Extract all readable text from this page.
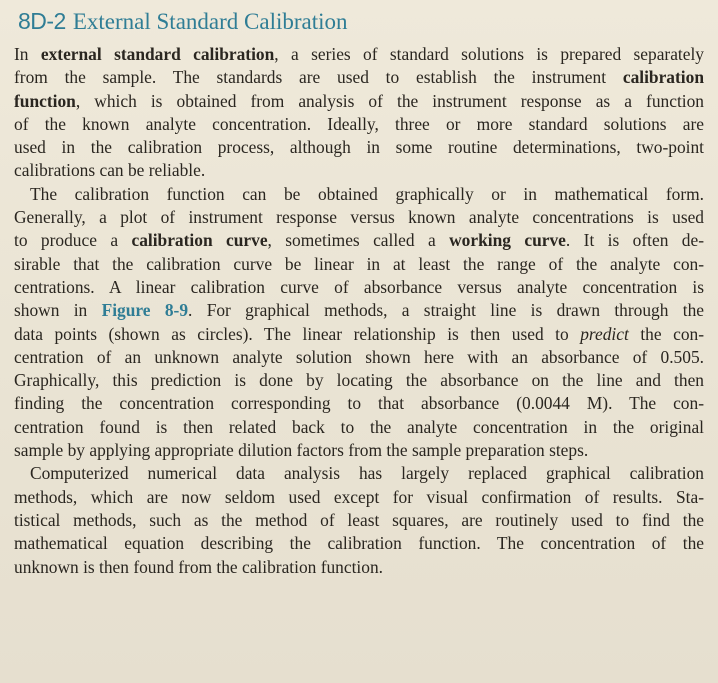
8D-2 External Standard Calibration

In external standard calibration, a series of standard solutions is prepared separately
from the sample. The standards are used to establish the instrument calibration
function, which is obtained from analysis of the instrument response as a function
of the known analyte concentration. Ideally, three or more standard solutions are
used in the calibration process, although in some routine determinations, two-point
calibrations can be reliable.

The calibration function can be obtained graphically or in mathematical form.
Generally, a plot of instrument response versus known analyte concentrations is used
to produce a calibration curve, sometimes called a working curve. It is often de-
sirable that the calibration curve be linear in at least the range of the analyte con-
centrations. A linear calibration curve of absorbance versus analyte concentration is
shown in Figure 8-9. For graphical methods, a straight line is drawn through the
data points (shown as circles). The linear relationship is then used to predict the con-
centration of an unknown analyte solution shown here with an absorbance of 0.505.
Graphically, this prediction is done by locating the absorbance on the line and then
finding the concentration corresponding to that absorbance (0.0044 M). The con-
centration found is then related back to the analyte concentration in the original
sample by applying appropriate dilution factors from the sample preparation steps.

Computerized numerical data analysis has largely replaced graphical calibration
methods, which are now seldom used except for visual confirmation of results. Sta-
tistical methods, such as the method of least squares, are routinely used to find the
mathematical equation describing the calibration function. The concentration of the
unknown is then found from the calibration function.
